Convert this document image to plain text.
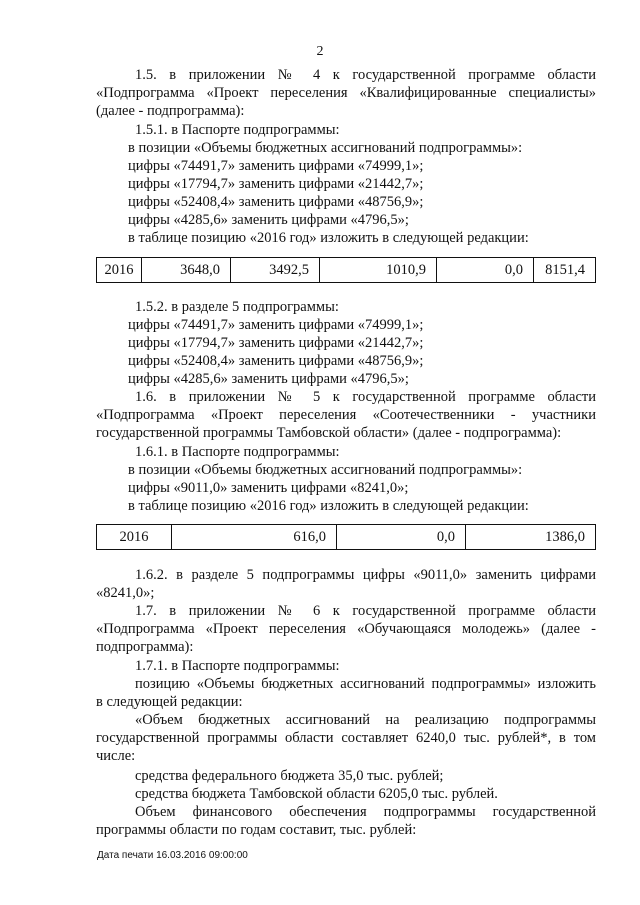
2
1.5. в приложении № 4 к государственной программе области
«Подпрограмма «Проект переселения «Квалифицированные специалисты»
(далее - подпрограмма):
1.5.1. в Паспорте подпрограммы:
в позиции «Объемы бюджетных ассигнований подпрограммы»:
цифры «74491,7» заменить цифрами «74999,1»;
цифры «17794,7» заменить цифрами «21442,7»;
цифры «52408,4» заменить цифрами «48756,9»;
цифры «4285,6» заменить цифрами «4796,5»;
в таблице позицию «2016 год» изложить в следующей редакции:
2016	3648,0	3492,5	1010,9	0,0	8151,4
1.5.2. в разделе 5 подпрограммы:
цифры «74491,7» заменить цифрами «74999,1»;
цифры «17794,7» заменить цифрами «21442,7»;
цифры «52408,4» заменить цифрами «48756,9»;
цифры «4285,6» заменить цифрами «4796,5»;
1.6. в приложении № 5 к государственной программе области
«Подпрограмма «Проект переселения «Соотечественники - участники
государственной программы Тамбовской области» (далее - подпрограмма):
1.6.1. в Паспорте подпрограммы:
в позиции «Объемы бюджетных ассигнований подпрограммы»:
цифры «9011,0» заменить цифрами «8241,0»;
в таблице позицию «2016 год» изложить в следующей редакции:
2016	616,0	0,0	1386,0
1.6.2. в разделе 5 подпрограммы цифры «9011,0» заменить цифрами
«8241,0»;
1.7. в приложении № 6 к государственной программе области
«Подпрограмма «Проект переселения «Обучающаяся молодежь» (далее -
подпрограмма):
1.7.1. в Паспорте подпрограммы:
позицию «Объемы бюджетных ассигнований подпрограммы» изложить
в следующей редакции:
«Объем бюджетных ассигнований на реализацию подпрограммы
государственной программы области составляет 6240,0 тыс. рублей*, в том
числе:
средства федерального бюджета 35,0 тыс. рублей;
средства бюджета Тамбовской области 6205,0 тыс. рублей.
Объем финансового обеспечения подпрограммы государственной
программы области по годам составит, тыс. рублей:
Дата печати 16.03.2016 09:00:00
